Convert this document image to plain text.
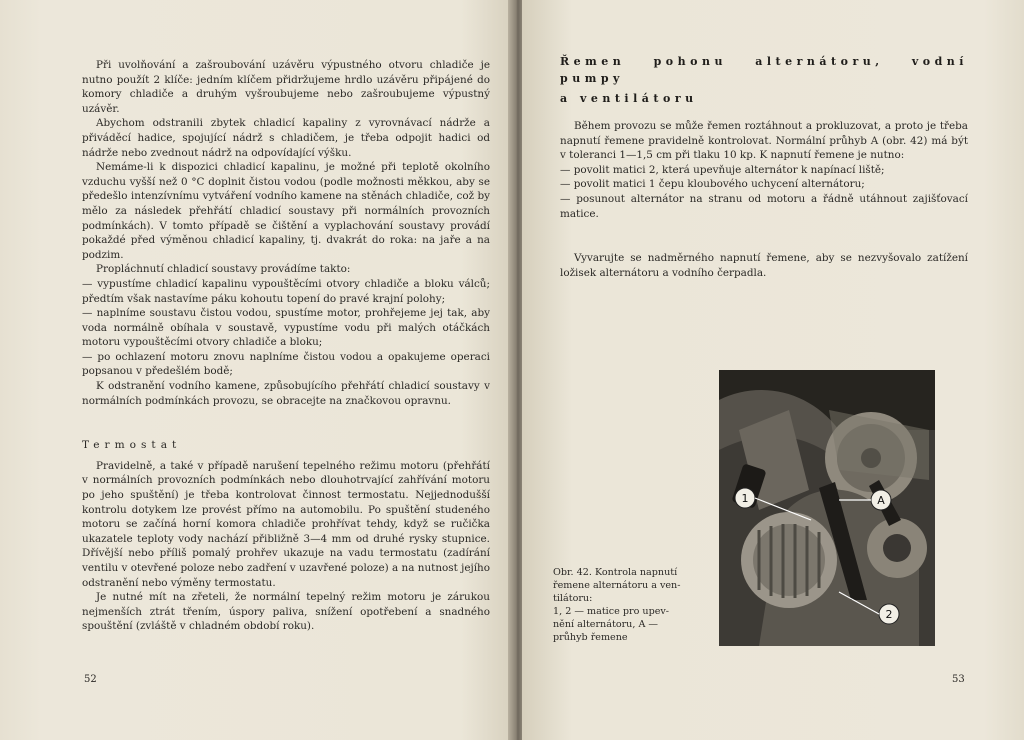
Při uvolňování a zašroubování uzávěru výpustného otvoru chladiče je nutno použít 2 klíče: jedním klíčem přidržujeme hrdlo uzávěru připájené do komory chladiče a druhým vyšroubujeme nebo zašroubujeme výpustný uzávěr.

Abychom odstranili zbytek chladicí kapaliny z vyrovnávací nádrže a přiváděcí hadice, spojující nádrž s chladičem, je třeba odpojit hadici od nádrže nebo zvednout nádrž na odpovídající výšku.

Nemáme-li k dispozici chladicí kapalinu, je možné při teplotě okolního vzduchu vyšší než 0 °C doplnit čistou vodou (podle možnosti měkkou, aby se předešlo intenzívnímu vytváření vodního kamene na stěnách chladiče, což by mělo za následek přehřátí chladicí soustavy při normálních provozních podmínkách). V tomto případě se čištění a vyplachování soustavy provádí pokaždé před výměnou chladicí kapaliny, tj. dvakrát do roka: na jaře a na podzim.

Propláchnutí chladicí soustavy provádíme takto:

— vypustíme chladicí kapalinu vypouštěcími otvory chladiče a bloku válců; předtím však nastavíme páku kohoutu topení do pravé krajní polohy;

— naplníme soustavu čistou vodou, spustíme motor, prohřejeme jej tak, aby voda normálně obíhala v soustavě, vypustíme vodu při malých otáčkách motoru vypouštěcími otvory chladiče a bloku;

— po ochlazení motoru znovu naplníme čistou vodou a opakujeme operaci popsanou v předešlém bodě;

K odstranění vodního kamene, způsobujícího přehřátí chladicí soustavy v normálních podmínkách provozu, se obracejte na značkovou opravnu.

Termostat

Pravidelně, a také v případě narušení tepelného režimu motoru (přehřátí v normálních provozních podmínkách nebo dlouhotrvající zahřívání motoru po jeho spuštění) je třeba kontrolovat činnost termostatu. Nejjednodušší kontrolu dotykem lze provést přímo na automobilu. Po spuštění studeného motoru se začíná horní komora chladiče prohřívat tehdy, když se ručička ukazatele teploty vody nachází přibližně 3—4 mm od druhé rysky stupnice. Dřívější nebo příliš pomalý prohřev ukazuje na vadu termostatu (zadírání ventilu v otevřené poloze nebo zadření v uzavřené poloze) a na nutnost jejího odstranění nebo výměny termostatu.

Je nutné mít na zřeteli, že normální tepelný režim motoru je zárukou nejmenších ztrát třením, úspory paliva, snížení opotřebení a snadného spouštění (zvláště v chladném období roku).

52	53

Řemen pohonu alternátoru, vodní pumpy

a ventilátoru

Během provozu se může řemen roztáhnout a prokluzovat, a proto je třeba napnutí řemene pravidelně kontrolovat. Normální průhyb A (obr. 42) má být v toleranci 1—1,5 cm při tlaku 10 kp. K napnutí řemene je nutno:

— povolit matici 2, která upevňuje alternátor k napínací liště;

— povolit matici 1 čepu kloubového uchycení alternátoru;

— posunout alternátor na stranu od motoru a řádně utáhnout zajišťovací matice.

Vyvarujte se nadměrného napnutí řemene, aby se nezvyšovalo zatížení ložisek alternátoru a vodního čerpadla.

1	A
2

Obr. 42. Kontrola napnutí

řemene alternátoru a ven-

tilátoru:

1, 2 — matice pro upev-

nění alternátoru, A —

průhyb řemene
